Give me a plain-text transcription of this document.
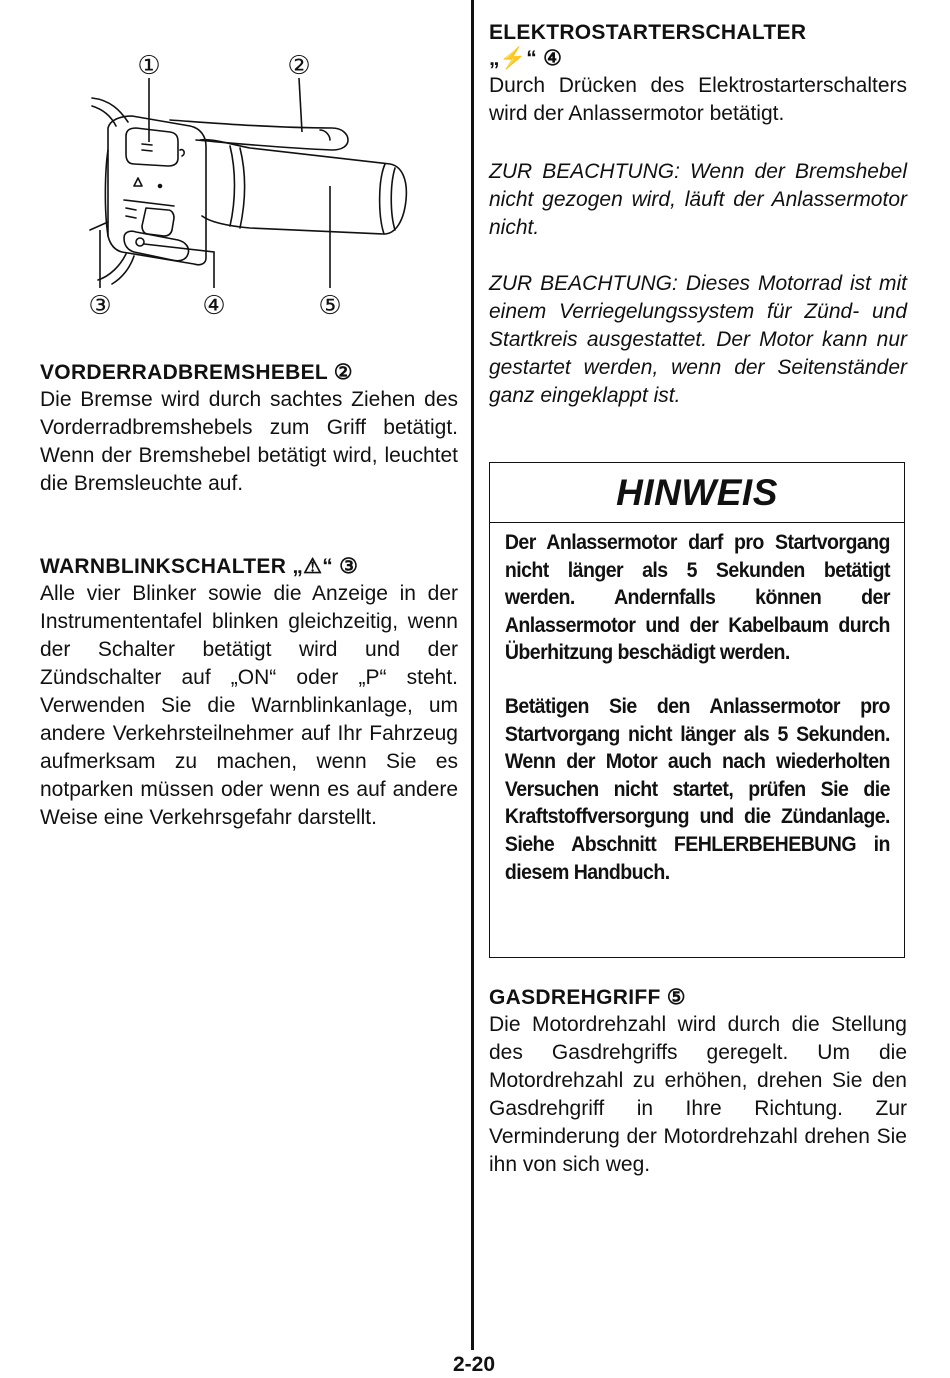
①	②
③	④	⑤
VORDERRADBREMSHEBEL ②

Die Bremse wird durch sachtes Ziehen des Vorderradbremshebels zum Griff betätigt. Wenn der Bremshebel betätigt wird, leuchtet die Bremsleuchte auf.

WARNBLINKSCHALTER „⚠“ ③

Alle vier Blinker sowie die Anzeige in der Instrumententafel blinken gleichzeitig, wenn der Schalter betätigt wird und der Zündschalter auf „ON“ oder „P“ steht. Verwenden Sie die Warnblinkanlage, um andere Verkehrsteilnehmer auf Ihr Fahrzeug aufmerksam zu machen, wenn Sie es notparken müssen oder wenn es auf andere Weise eine Verkehrsgefahr darstellt.

ELEKTROSTARTERSCHALTER
„⚡“ ④

Durch Drücken des Elektrostarterschalters wird der Anlassermotor betätigt.

ZUR BEACHTUNG: Wenn der Bremshebel nicht gezogen wird, läuft der Anlassermotor nicht.

ZUR BEACHTUNG: Dieses Motorrad ist mit einem Verriegelungssystem für Zünd- und Startkreis ausgestattet. Der Motor kann nur gestartet werden, wenn der Seitenständer ganz eingeklappt ist.

HINWEIS

Der Anlassermotor darf pro Startvorgang nicht länger als 5 Sekunden betätigt werden. Andernfalls können der Anlassermotor und der Kabelbaum durch Überhitzung beschädigt werden.

Betätigen Sie den Anlassermotor pro Startvorgang nicht länger als 5 Sekunden. Wenn der Motor auch nach wiederholten Versuchen nicht startet, prüfen Sie die Kraftstoffversorgung und die Zündanlage. Siehe Abschnitt FEHLERBEHEBUNG in diesem Handbuch.

GASDREHGRIFF ⑤

Die Motordrehzahl wird durch die Stellung des Gasdrehgriffs geregelt. Um die Motordrehzahl zu erhöhen, drehen Sie den Gasdrehgriff in Ihre Richtung. Zur Verminderung der Motordrehzahl drehen Sie ihn von sich weg.

2-20
